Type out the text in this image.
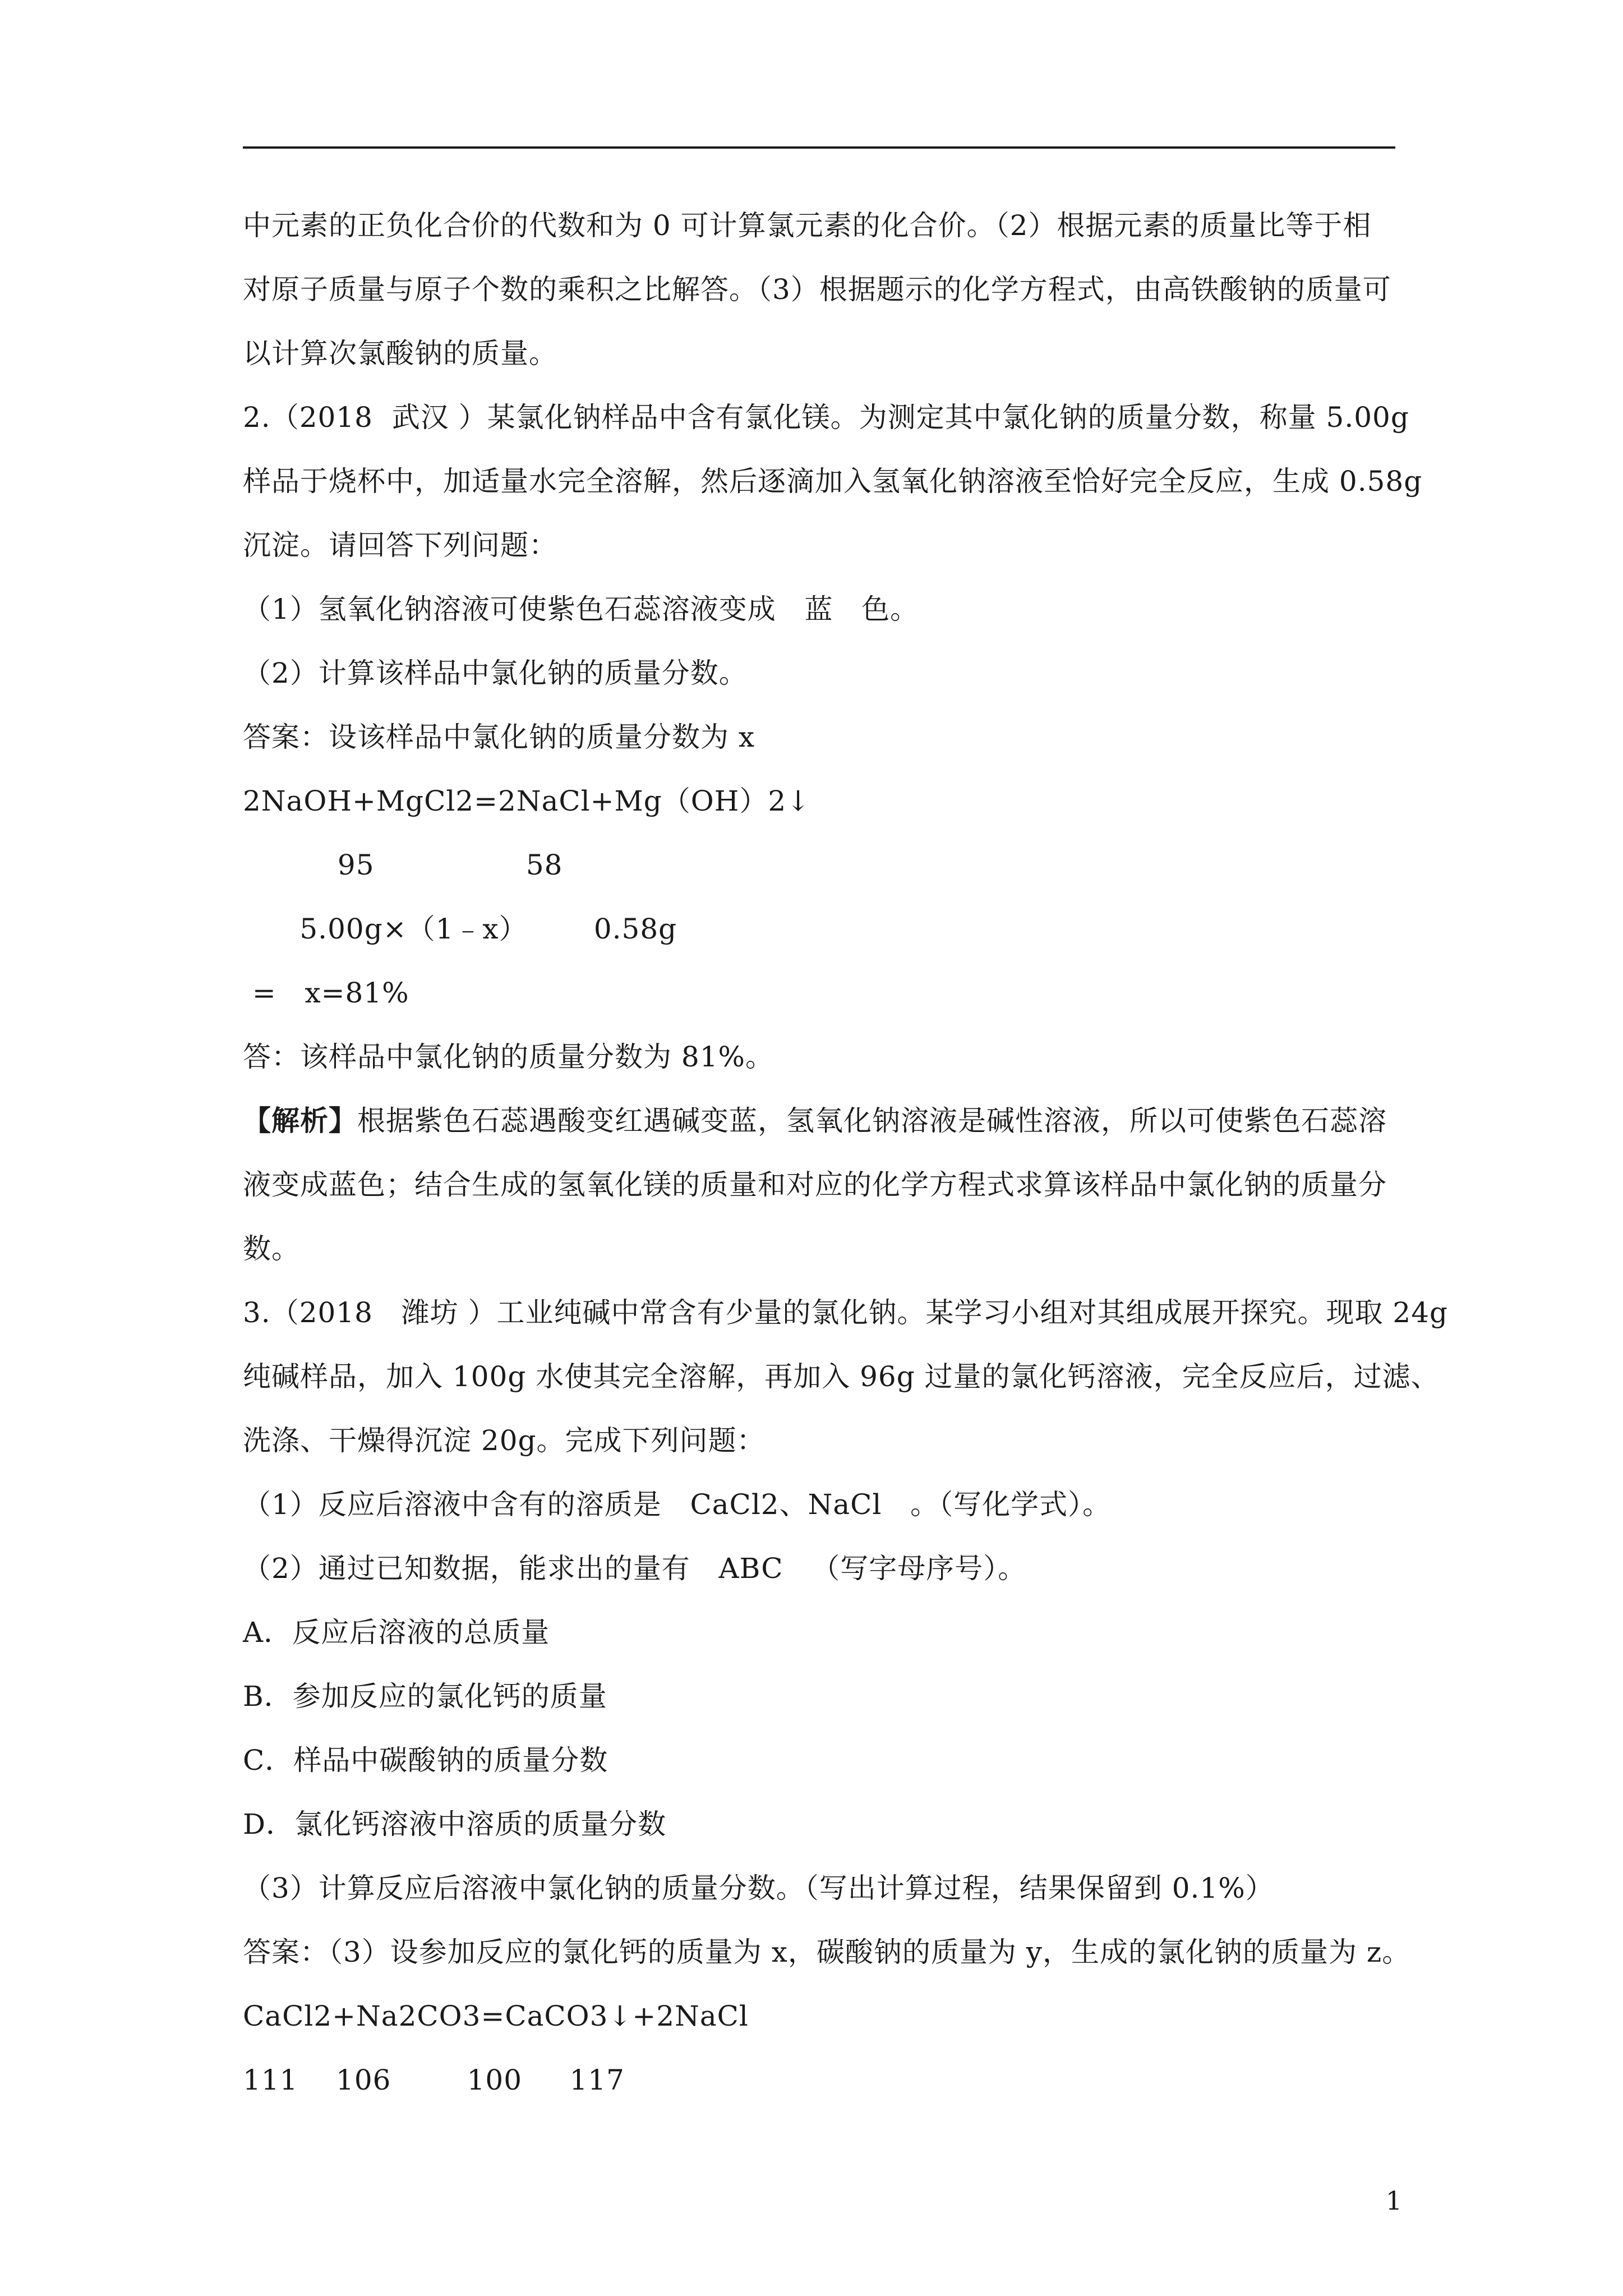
中元素的正负化合价的代数和为 0 可计算氯元素的化合价。（2）根据元素的质量比等于相
对原子质量与原子个数的乘积之比解答。（3）根据题示的化学方程式，由高铁酸钠的质量可
以计算次氯酸钠的质量。
2.（2018  武汉 ）某氯化钠样品中含有氯化镁。为测定其中氯化钠的质量分数，称量 5.00g
样品于烧杯中，加适量水完全溶解，然后逐滴加入氢氧化钠溶液至恰好完全反应，生成 0.58g
沉淀。请回答下列问题：
（1）氢氧化钠溶液可使紫色石蕊溶液变成   蓝   色。
（2）计算该样品中氯化钠的质量分数。
答案：设该样品中氯化钠的质量分数为 x
2NaOH+MgCl2=2NaCl+Mg（OH）2↓
95                58
5.00g×（1﹣x）       0.58g
=   x=81%
答：该样品中氯化钠的质量分数为 81%。
【解析】根据紫色石蕊遇酸变红遇碱变蓝，氢氧化钠溶液是碱性溶液，所以可使紫色石蕊溶
液变成蓝色；结合生成的氢氧化镁的质量和对应的化学方程式求算该样品中氯化钠的质量分
数。
3.（2018   潍坊 ）工业纯碱中常含有少量的氯化钠。某学习小组对其组成展开探究。现取 24g
纯碱样品，加入 100g 水使其完全溶解，再加入 96g 过量的氯化钙溶液，完全反应后，过滤、
洗涤、干燥得沉淀 20g。完成下列问题：
（1）反应后溶液中含有的溶质是   CaCl2、NaCl   。（写化学式）。
（2）通过已知数据，能求出的量有   ABC   （写字母序号）。
A．反应后溶液的总质量
B．参加反应的氯化钙的质量
C．样品中碳酸钠的质量分数
D．氯化钙溶液中溶质的质量分数
（3）计算反应后溶液中氯化钠的质量分数。（写出计算过程，结果保留到 0.1%）
答案：（3）设参加反应的氯化钙的质量为 x，碳酸钠的质量为 y，生成的氯化钠的质量为 z。
CaCl2+Na2CO3=CaCO3↓+2NaCl
111    106        100     117
1
